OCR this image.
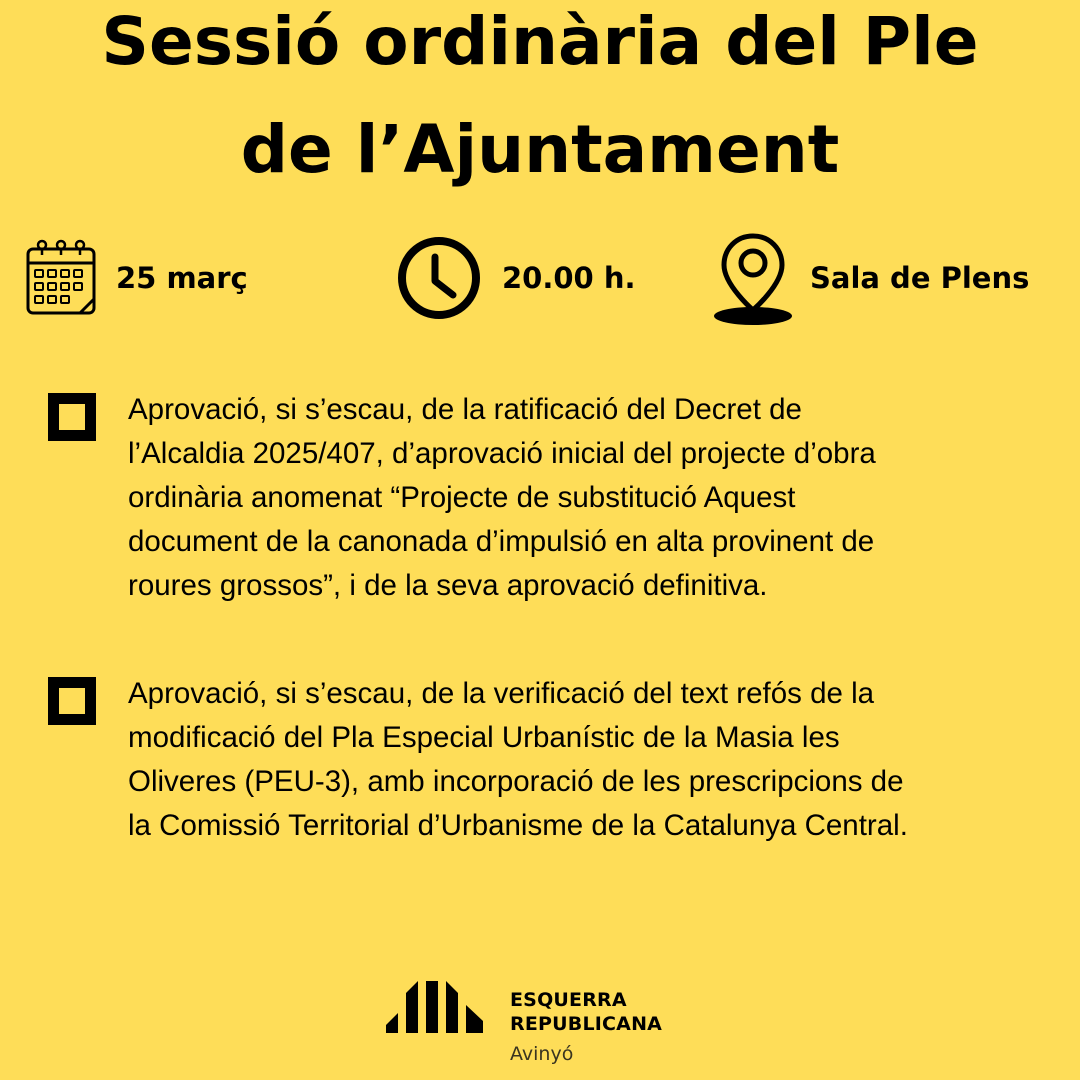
Sessió ordinària del Ple
de l’Ajuntament
25 març	20.00 h.	Sala de Plens

Aprovació, si s’escau, de la ratificació del Decret de
l’Alcaldia 2025/407, d’aprovació inicial del projecte d’obra
ordinària anomenat “Projecte de substitució Aquest
document de la canonada d’impulsió en alta provinent de
roures grossos”, i de la seva aprovació definitiva.

Aprovació, si s’escau, de la verificació del text refós de la
modificació del Pla Especial Urbanístic de la Masia les
Oliveres (PEU-3), amb incorporació de les prescripcions de
la Comissió Territorial d’Urbanisme de la Catalunya Central.

ESQUERRA
REPUBLICANA
Avinyó
